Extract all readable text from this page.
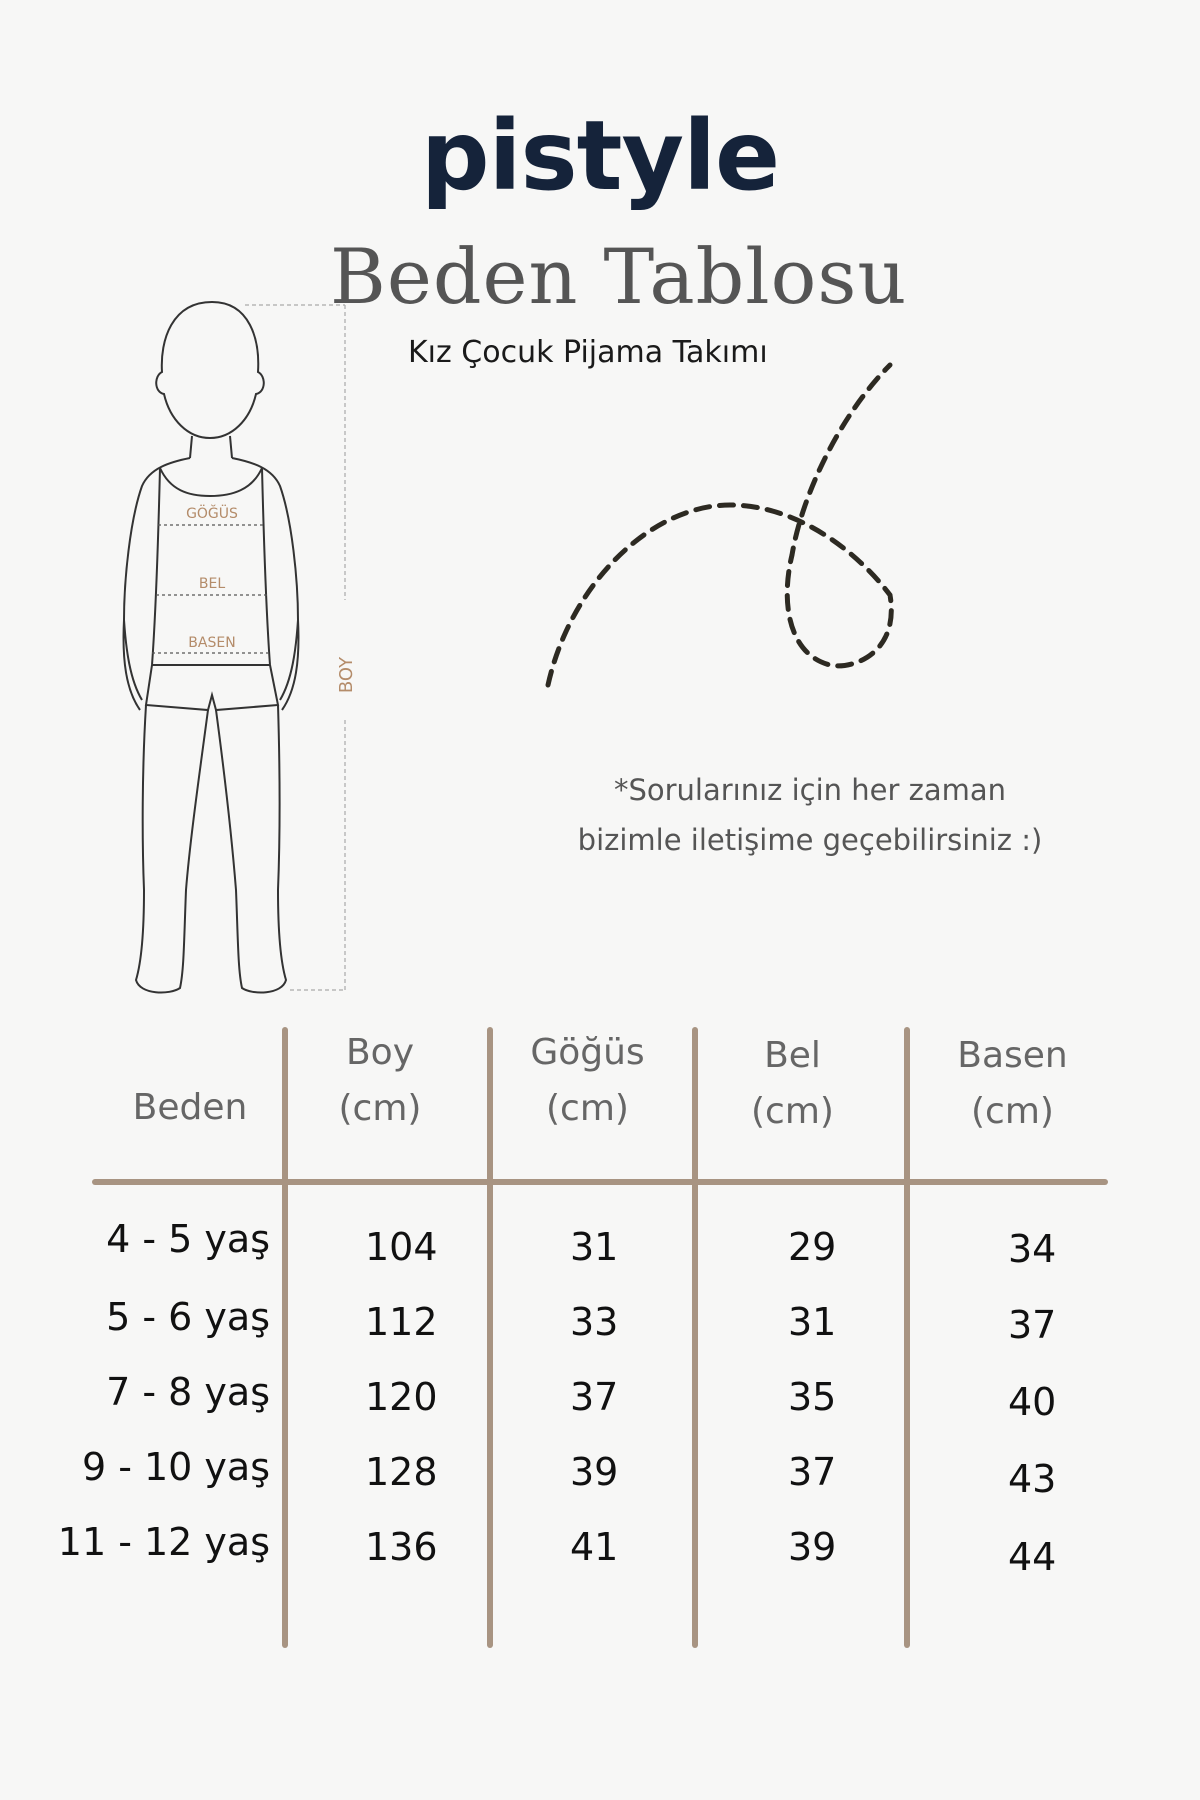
pistyle
Beden Tablosu
Kız Çocuk Pijama Takımı
GÖĞÜS
BEL
BASEN
BOY
*Sorularınız için her zaman
bizimle iletişime geçebilirsiniz :)
Beden
Boy
(cm)
Göğüs
(cm)
Bel
(cm)
Basen
(cm)
4 - 5 yaş	104	31	29	34
5 - 6 yaş	112	33	31	37
7 - 8 yaş	120	37	35	40
9 - 10 yaş	128	39	37	43
11 - 12 yaş	136	41	39	44
